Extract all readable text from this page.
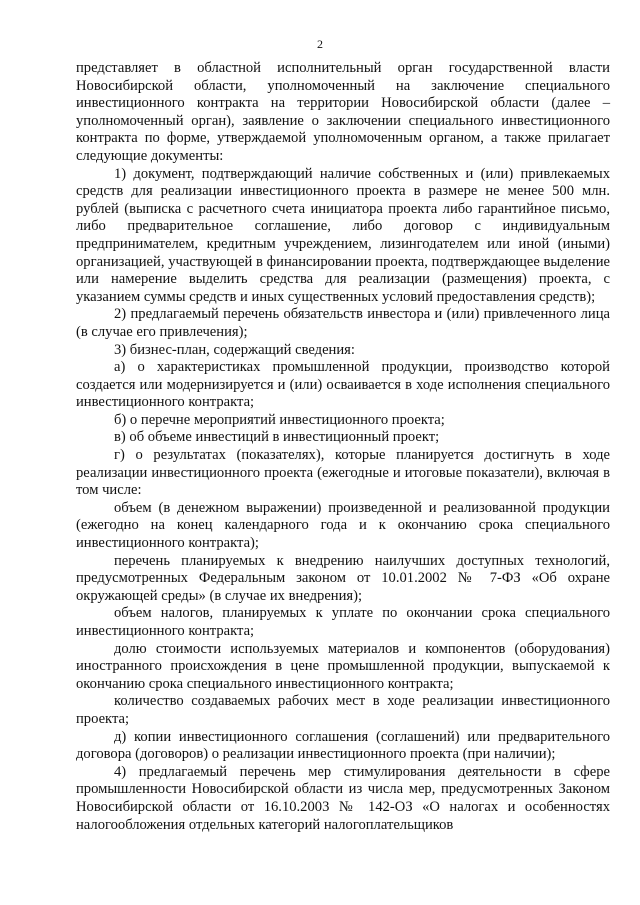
2

представляет в областной исполнительный орган государственной власти Новосибирской области, уполномоченный на заключение специального инвестиционного контракта на территории Новосибирской области (далее – уполномоченный орган), заявление о заключении специального инвестиционного контракта по форме, утверждаемой уполномоченным органом, а также прилагает следующие документы:

1) документ, подтверждающий наличие собственных и (или) привлекаемых средств для реализации инвестиционного проекта в размере не менее 500 млн. рублей (выписка с расчетного счета инициатора проекта либо гарантийное письмо, либо предварительное соглашение, либо договор с индивидуальным предпринимателем, кредитным учреждением, лизингодателем или иной (иными) организацией, участвующей в финансировании проекта, подтверждающее выделение или намерение выделить средства для реализации (размещения) проекта, с указанием суммы средств и иных существенных условий предоставления средств);

2) предлагаемый перечень обязательств инвестора и (или) привлеченного лица (в случае его привлечения);

3) бизнес-план, содержащий сведения:

а) о характеристиках промышленной продукции, производство которой создается или модернизируется и (или) осваивается в ходе исполнения специального инвестиционного контракта;

б) о перечне мероприятий инвестиционного проекта;

в) об объеме инвестиций в инвестиционный проект;

г) о результатах (показателях), которые планируется достигнуть в ходе реализации инвестиционного проекта (ежегодные и итоговые показатели), включая в том числе:

объем (в денежном выражении) произведенной и реализованной продукции (ежегодно на конец календарного года и к окончанию срока специального инвестиционного контракта);

перечень планируемых к внедрению наилучших доступных технологий, предусмотренных Федеральным законом от 10.01.2002 № 7-ФЗ «Об охране окружающей среды» (в случае их внедрения);

объем налогов, планируемых к уплате по окончании срока специального инвестиционного контракта;

долю стоимости используемых материалов и компонентов (оборудования) иностранного происхождения в цене промышленной продукции, выпускаемой к окончанию срока специального инвестиционного контракта;

количество создаваемых рабочих мест в ходе реализации инвестиционного проекта;

д) копии инвестиционного соглашения (соглашений) или предварительного договора (договоров) о реализации инвестиционного проекта (при наличии);

4) предлагаемый перечень мер стимулирования деятельности в сфере промышленности Новосибирской области из числа мер, предусмотренных Законом Новосибирской области от 16.10.2003 № 142-ОЗ «О налогах и особенностях налогообложения отдельных категорий налогоплательщиков
